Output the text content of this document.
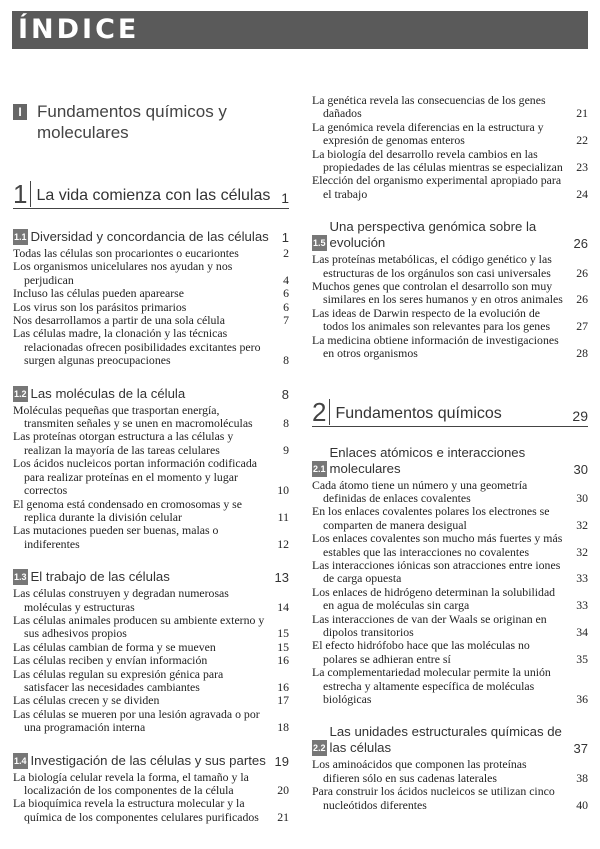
ÍNDICE
I Fundamentos químicos y moleculares
1 La vida comienza con las células 1
1.1 Diversidad y concordancia de las células	1
Todas las células son procariontes o eucariontes	2
Los organismos unicelulares nos ayudan y nos perjudican	4
Incluso las células pueden aparearse	6
Los virus son los parásitos primarios	6
Nos desarrollamos a partir de una sola célula	7
Las células madre, la clonación y las técnicas relacionadas ofrecen posibilidades excitantes pero surgen algunas preocupaciones	8
1.2 Las moléculas de la célula	8
Moléculas pequeñas que trasportan energía, transmiten señales y se unen en macromoléculas	8
Las proteínas otorgan estructura a las células y realizan la mayoría de las tareas celulares	9
Los ácidos nucleicos portan información codificada para realizar proteínas en el momento y lugar correctos	10
El genoma está condensado en cromosomas y se replica durante la división celular	11
Las mutaciones pueden ser buenas, malas o indiferentes	12
1.3 El trabajo de las células	13
Las células construyen y degradan numerosas moléculas y estructuras	14
Las células animales producen su ambiente externo y sus adhesivos propios	15
Las células cambian de forma y se mueven	15
Las células reciben y envían información	16
Las células regulan su expresión génica para satisfacer las necesidades cambiantes	16
Las células crecen y se dividen	17
Las células se mueren por una lesión agravada o por una programación interna	18
1.4 Investigación de las células y sus partes 19
La biología celular revela la forma, el tamaño y la localización de los componentes de la célula	20
La bioquímica revela la estructura molecular y la química de los componentes celulares purificados	21
La genética revela las consecuencias de los genes dañados	21
La genómica revela diferencias en la estructura y expresión de genomas enteros	22
La biología del desarrollo revela cambios en las propiedades de las células mientras se especializan	23
Elección del organismo experimental apropiado para el trabajo	24
1.5
Una perspectiva genómica sobre la evolución	26
Las proteínas metabólicas, el código genético y las estructuras de los orgánulos son casi universales	26
Muchos genes que controlan el desarrollo son muy similares en los seres humanos y en otros animales	26
Las ideas de Darwin respecto de la evolución de todos los animales son relevantes para los genes	27
La medicina obtiene información de investigaciones en otros organismos	28
2 Fundamentos químicos	29
2.1
Enlaces atómicos e interacciones moleculares	30
Cada átomo tiene un número y una geometría definidas de enlaces covalentes	30
En los enlaces covalentes polares los electrones se comparten de manera desigual	32
Los enlaces covalentes son mucho más fuertes y más estables que las interacciones no covalentes	32
Las interacciones iónicas son atracciones entre iones de carga opuesta	33
Los enlaces de hidrógeno determinan la solubilidad en agua de moléculas sin carga	33
Las interacciones de van der Waals se originan en dipolos transitorios	34
El efecto hidrófobo hace que las moléculas no polares se adhieran entre sí	35
La complementariedad molecular permite la unión estrecha y altamente específica de moléculas biológicas	36
2.2
Las unidades estructurales químicas de las células	37
Los aminoácidos que componen las proteínas difieren sólo en sus cadenas laterales	38
Para construir los ácidos nucleicos se utilizan cinco nucleótidos diferentes	40
